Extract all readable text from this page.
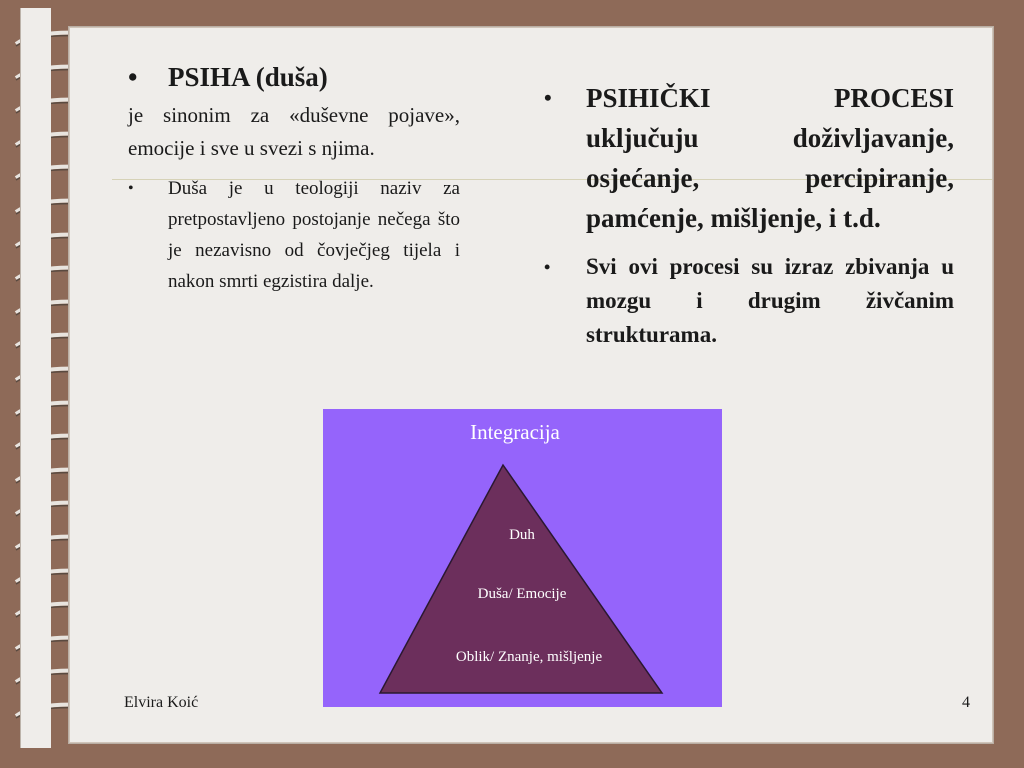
•	PSIHA (duša)
je sinonim za «duševne pojave», emocije i sve u svezi s njima.
•	Duša je u teologiji naziv za pretpostavljeno postojanje nečega što je nezavisno od čovječjeg tijela i nakon smrti egzistira dalje.
•	PSIHIČKI PROCESI uključuju doživljavanje, osjećanje, percipiranje, pamćenje, mišljenje, i t.d.
•	Svi ovi procesi su izraz zbivanja u mozgu i drugim živčanim strukturama.
Integracija
Duh
Duša/ Emocije
Oblik/ Znanje, mišljenje
Elvira Koić	4
